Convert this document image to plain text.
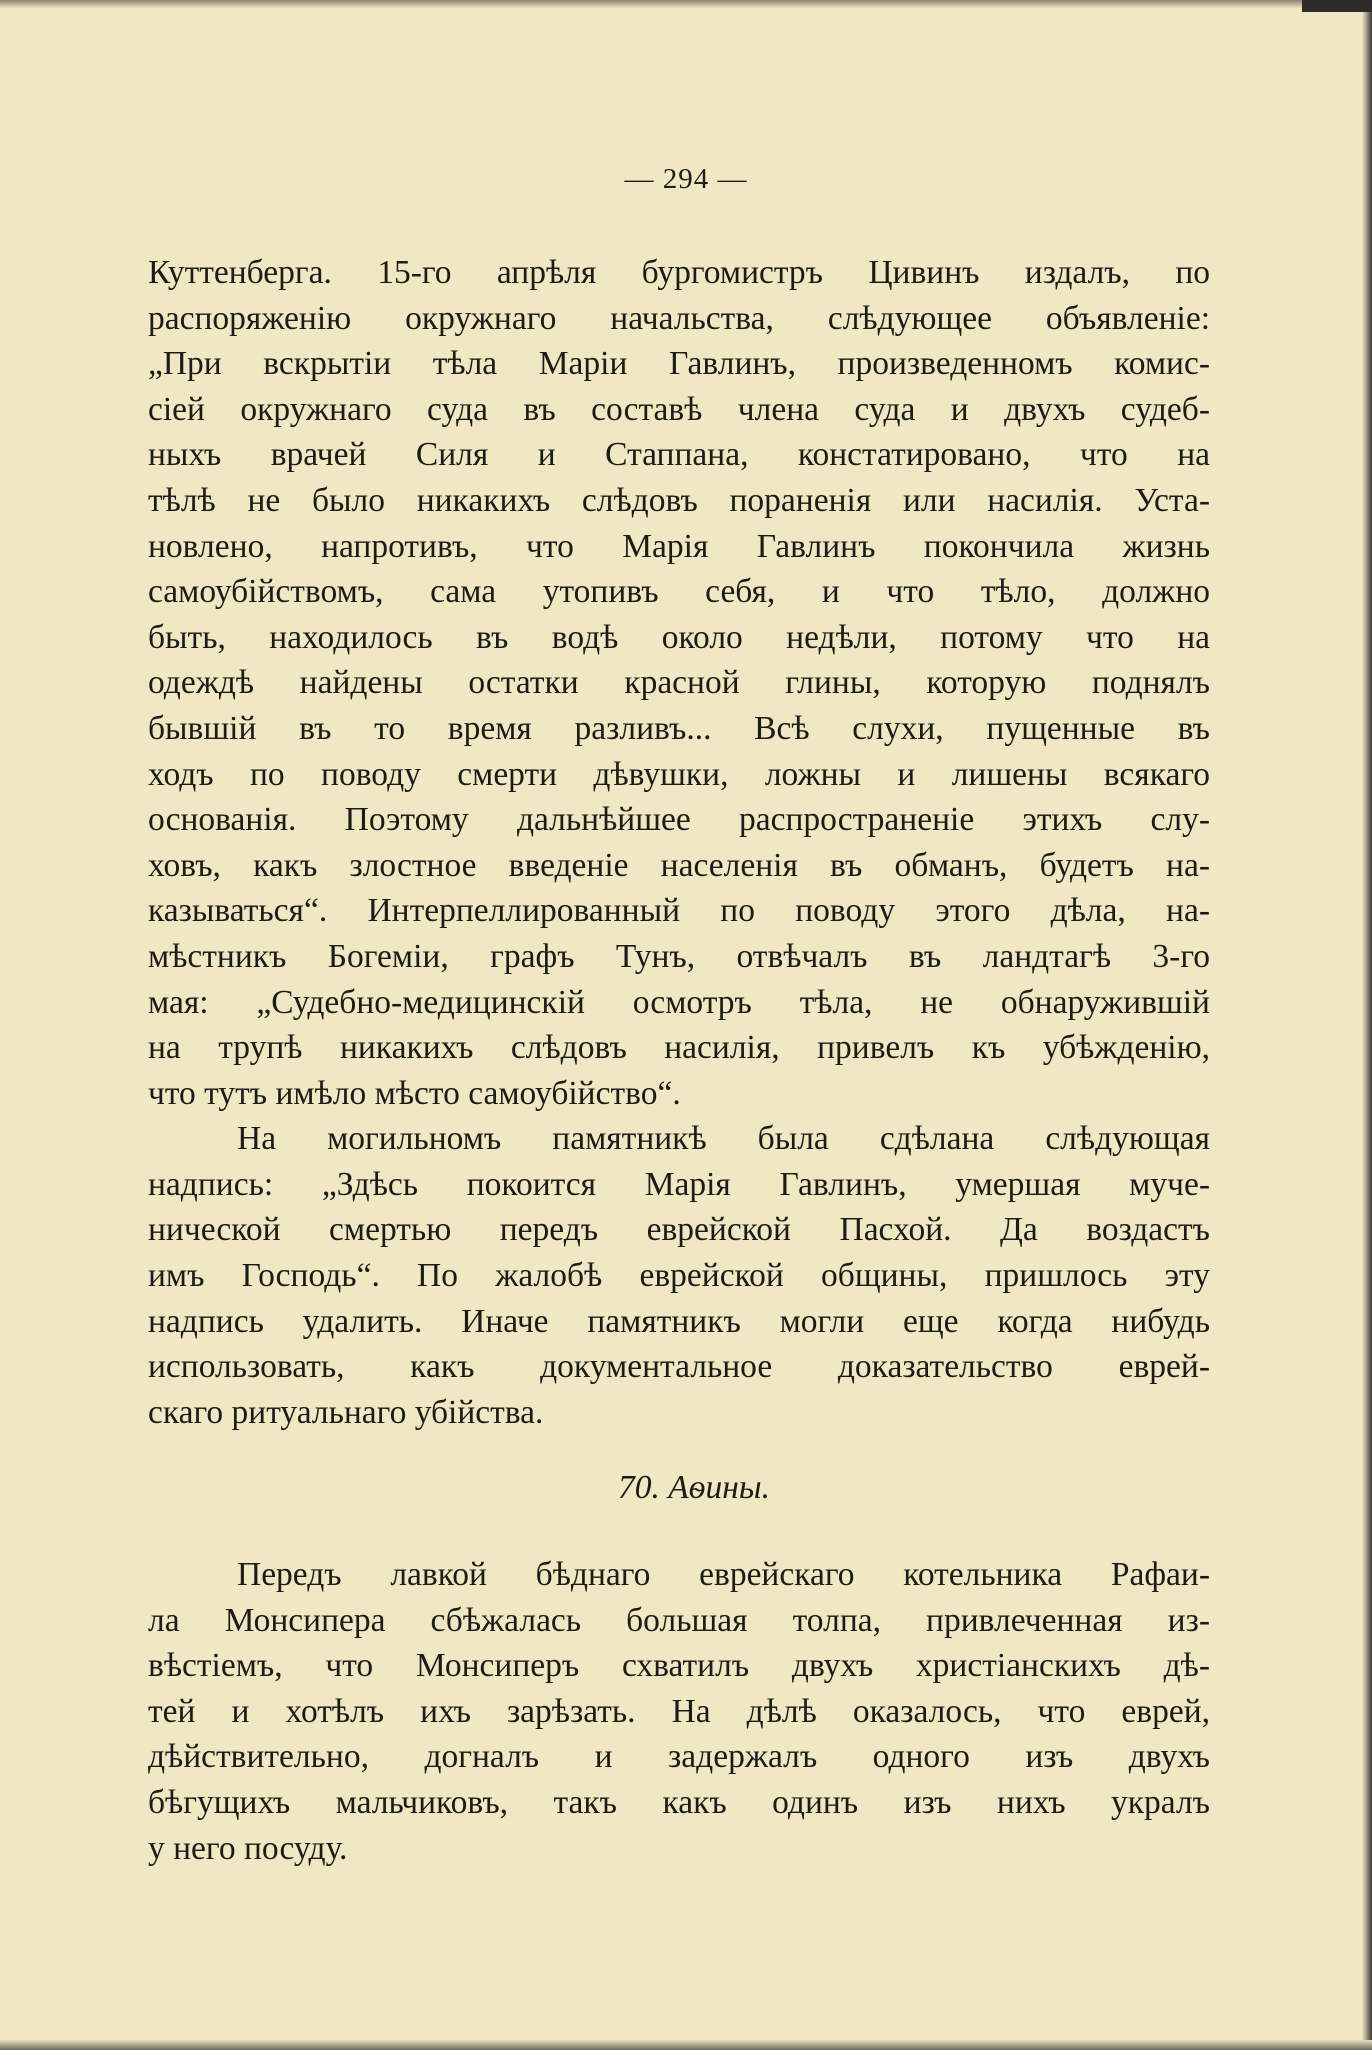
— 294 —
Куттенберга. 15-го апрѣля бургомистръ Цивинъ издалъ, по
распоряженію окружнаго начальства, слѣдующее объявленіе:
„При вскрытіи тѣла Маріи Гавлинъ, произведенномъ комис-
сіей окружнаго суда въ составѣ члена суда и двухъ судеб-
ныхъ врачей Силя и Стаппана, констатировано, что на
тѣлѣ не было никакихъ слѣдовъ пораненія или насилія. Уста-
новлено, напротивъ, что Марія Гавлинъ покончила жизнь
самоубійствомъ, сама утопивъ себя, и что тѣло, должно
быть, находилось въ водѣ около недѣли, потому что на
одеждѣ найдены остатки красной глины, которую поднялъ
бывшій въ то время разливъ... Всѣ слухи, пущенные въ
ходъ по поводу смерти дѣвушки, ложны и лишены всякаго
основанія. Поэтому дальнѣйшее распространеніе этихъ слу-
ховъ, какъ злостное введеніе населенія въ обманъ, будетъ на-
казываться“. Интерпеллированный по поводу этого дѣла, на-
мѣстникъ Богеміи, графъ Тунъ, отвѣчалъ въ ландтагѣ 3-го
мая: „Судебно-медицинскій осмотръ тѣла, не обнаружившій
на трупѣ никакихъ слѣдовъ насилія, привелъ къ убѣжденію,
что тутъ имѣло мѣсто самоубійство“.
На могильномъ памятникѣ была сдѣлана слѣдующая
надпись: „Здѣсь покоится Марія Гавлинъ, умершая муче-
нической смертью передъ еврейской Пасхой. Да воздастъ
имъ Господь“. По жалобѣ еврейской общины, пришлось эту
надпись удалить. Иначе памятникъ могли еще когда нибудь
использовать, какъ документальное доказательство еврей-
скаго ритуальнаго убійства.
70. Аѳины.
Передъ лавкой бѣднаго еврейскаго котельника Рафаи-
ла Монсипера сбѣжалась большая толпа, привлеченная из-
вѣстіемъ, что Монсиперъ схватилъ двухъ христіанскихъ дѣ-
тей и хотѣлъ ихъ зарѣзать. На дѣлѣ оказалось, что еврей,
дѣйствительно, догналъ и задержалъ одного изъ двухъ
бѣгущихъ мальчиковъ, такъ какъ одинъ изъ нихъ укралъ
у него посуду.
